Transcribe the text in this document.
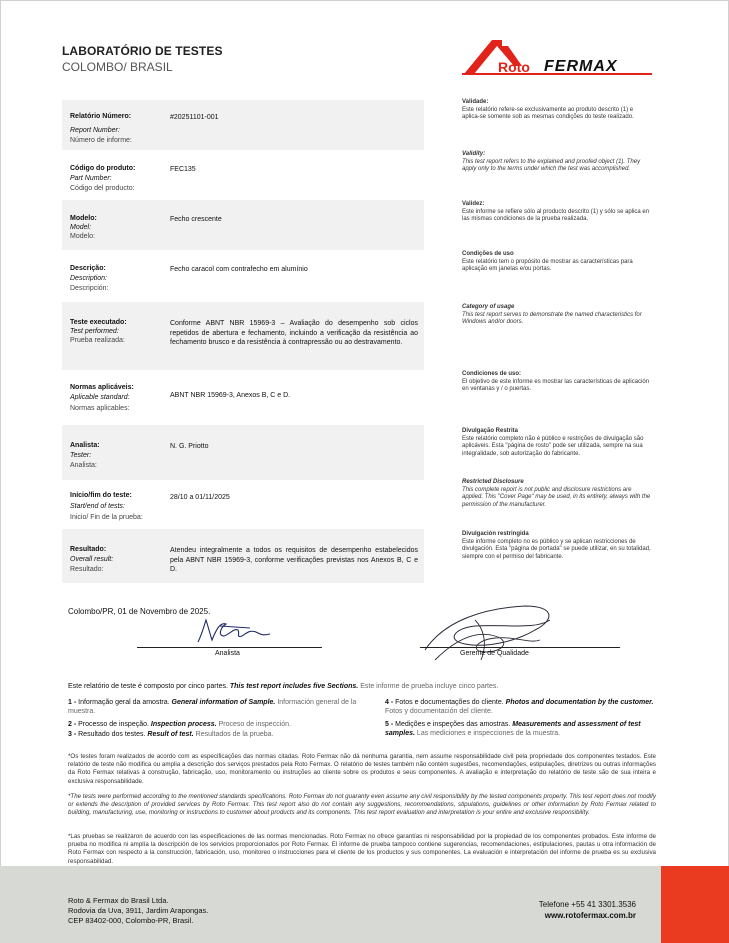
LABORATÓRIO DE TESTES
COLOMBO/ BRASIL	Roto FERMAX
Relatório Número:
Report Number:
Número de informe:
#20251101-001
Código do produto:
Part Number:
Código del producto:
FEC135
Modelo:
Model:
Modelo:
Fecho crescente
Descrição:
Description:
Descripción:
Fecho caracol com contrafecho em alumínio
Teste executado:
Test performed:
Prueba realizada:
Conforme ABNT NBR 15969-3 – Avaliação do desempenho sob ciclos repetidos de abertura e fechamento, incluindo a verificação da resistência ao fechamento brusco e da resistência à contrapressão ou ao destravamento.
Normas aplicáveis:
Aplicable standard:
Normas aplicables:
ABNT NBR 15969-3, Anexos B, C e D.
Analista:
Tester:
Analista:
N. G. Priotto
Início/fim do teste:
Start/end of tests:
Inicio/ Fin de la prueba:
28/10 a 01/11/2025
Resultado:
Overall result:
Resultado:
Atendeu integralmente a todos os requisitos de desempenho estabelecidos pela ABNT NBR 15969-3, conforme verificações previstas nos Anexos B, C e D.
Validade:
Este relatório refere-se exclusivamente ao produto descrito (1) e aplica-se somente sob as mesmas condições do teste realizado.
Validity:
This test report refers to the explained and proofed object (1). They apply only to the terms under which the test was accomplished.
Validez:
Este informe se refiere sólo al producto descrito (1) y sólo se aplica en las mismas condiciones de la prueba realizada.
Condições de uso
Este relatório tem o propósito de mostrar as características para aplicação em janelas e/ou portas.
Category of usage
This test report serves to demonstrate the named characteristics for Windows and/or doors.
Condiciones de uso:
El objetivo de este informe es mostrar las características de aplicación en ventanas y / o puertas.
Divulgação Restrita
Este relatório completo não é público e restrições de divulgação são aplicáveis. Esta "página de rosto" pode ser utilizada, sempre na sua integralidade, sob autorização do fabricante.
Restricted Disclosure
This complete report is not public and disclosure restrictions are applied. This "Cover Page" may be used, in its entirety, always with the permission of the manufacturer.
Divulgación restringida
Este informe completo no es público y se aplican restricciones de divulgación. Esta "página de portada" se puede utilizar, en su totalidad, siempre con el permiso del fabricante.
Colombo/PR, 01 de Novembro de 2025.
Analista	Gerente de Qualidade
Este relatório de teste é composto por cinco partes. This test report includes five Sections. Este informe de prueba incluye cinco partes.
1 - Informação geral da amostra. General information of Sample. Información general de la muestra.
2 - Processo de inspeção. Inspection process. Proceso de inspección.
3 - Resultado dos testes. Result of test. Resultados de la prueba.
4 - Fotos e documentações do cliente. Photos and documentation by the customer. Fotos y documentación del cliente.
5 - Medições e inspeções das amostras. Measurements and assessment of test samples. Las mediciones e inspecciones de la muestra.
*Os testes foram realizados de acordo com as especificações das normas citadas. Roto Fermax não dá nenhuma garantia, nem assume responsabilidade civil pela propriedade dos componentes testados. Este relatório de teste não modifica ou amplia a descrição dos serviços prestados pela Roto Fermax. O relatório de testes também não contém sugestões, recomendações, estipulações, diretrizes ou outras informações da Roto Fermax relativas à construção, fabricação, uso, monitoramento ou instruções ao cliente sobre os produtos e seus componentes. A avaliação e interpretação do relatório de teste são de sua inteira e exclusiva responsabilidade.
*The tests were performed according to the mentioned standards specifications. Roto Fermax do not guaranty even assume any civil responsibility by the tested components property. This test report does not modify or extends the description of provided services by Roto Fermax. This test report also do not contain any suggestions, recommendations, stipulations, guidelines or other information by Roto Fermax related to building, manufacturing, use, monitoring or instructions to customer about products and its components. This test report evaluation and interpretation is your entire and exclusive responsibility.
*Las pruebas se realizaron de acuerdo con las especificaciones de las normas mencionadas. Roto Fermax no ofrece garantías ni responsabilidad por la propiedad de los componentes probados. Este informe de prueba no modifica ni amplía la descripción de los servicios proporcionados por Roto Fermax. El informe de prueba tampoco contiene sugerencias, recomendaciones, estipulaciones, pautas u otra información de Roto Fermax con respecto a la construcción, fabricación, uso, monitoreo o instrucciones para el cliente de los productos y sus componentes. La evaluación e interpretación del informe de prueba es su exclusiva responsabilidad.
Roto & Fermax do Brasil Ltda.
Rodovia da Uva, 3911, Jardim Arapongas.
CEP 83402-000, Colombo-PR, Brasil.
Telefone +55 41 3301.3536
www.rotofermax.com.br
